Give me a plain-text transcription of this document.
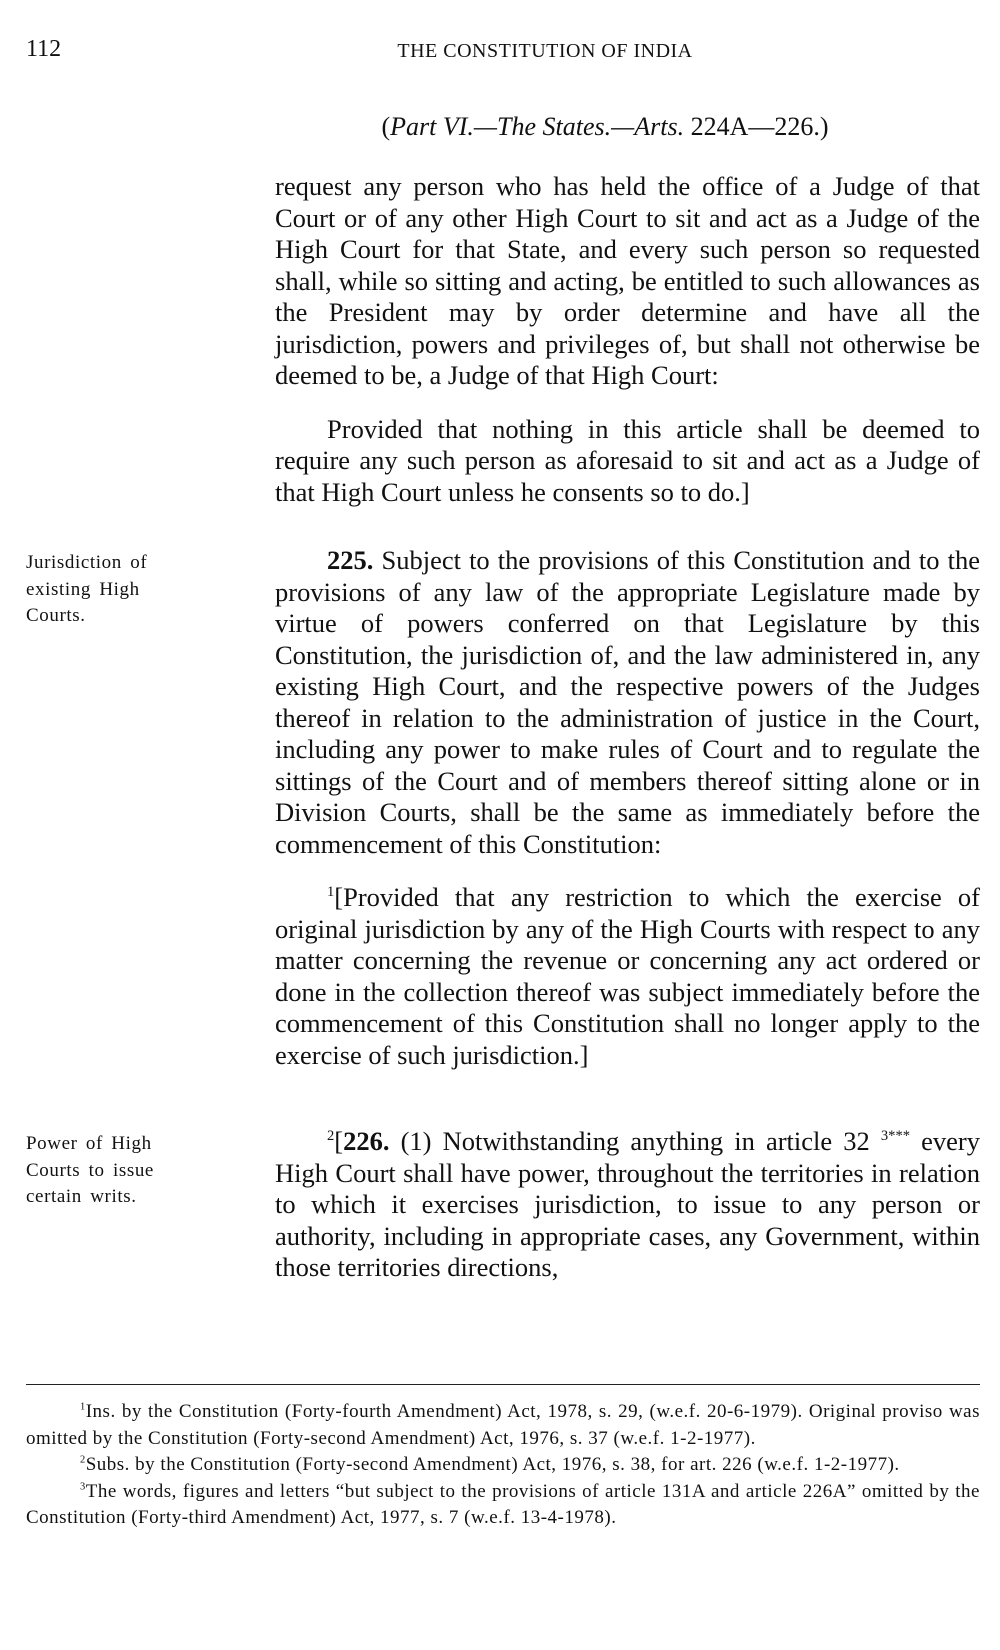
112	THE CONSTITUTION OF INDIA
(Part VI.—The States.—Arts. 224A—226.)

request any person who has held the office of a Judge of that Court or of any other High Court to sit and act as a Judge of the High Court for that State, and every such person so requested shall, while so sitting and acting, be entitled to such allowances as the President may by order determine and have all the jurisdiction, powers and privileges of, but shall not otherwise be deemed to be, a Judge of that High Court:

Provided that nothing in this article shall be deemed to require any such person as aforesaid to sit and act as a Judge of that High Court unless he consents so to do.]

Jurisdiction of existing High Courts.

225. Subject to the provisions of this Constitution and to the provisions of any law of the appropriate Legislature made by virtue of powers conferred on that Legislature by this Constitution, the jurisdiction of, and the law administered in, any existing High Court, and the respective powers of the Judges thereof in relation to the administration of justice in the Court, including any power to make rules of Court and to regulate the sittings of the Court and of members thereof sitting alone or in Division Courts, shall be the same as immediately before the commencement of this Constitution:

$^1$[Provided that any restriction to which the exercise of original jurisdiction by any of the High Courts with respect to any matter concerning the revenue or concerning any act ordered or done in the collection thereof was subject immediately before the commencement of this Constitution shall no longer apply to the exercise of such jurisdiction.]

Power of High Courts to issue certain writs.

$^2$[226. (1) Notwithstanding anything in article 32 $^{3***}$ every High Court shall have power, throughout the territories in relation to which it exercises jurisdiction, to issue to any person or authority, including in appropriate cases, any Government, within those territories directions,

$^1$Ins. by the Constitution (Forty-fourth Amendment) Act, 1978, s. 29, (w.e.f. 20-6-1979). Original proviso was omitted by the Constitution (Forty-second Amendment) Act, 1976, s. 37 (w.e.f. 1-2-1977).

$^2$Subs. by the Constitution (Forty-second Amendment) Act, 1976, s. 38, for art. 226 (w.e.f. 1-2-1977).

$^3$The words, figures and letters “but subject to the provisions of article 131A and article 226A” omitted by the Constitution (Forty-third Amendment) Act, 1977, s. 7 (w.e.f. 13-4-1978).
